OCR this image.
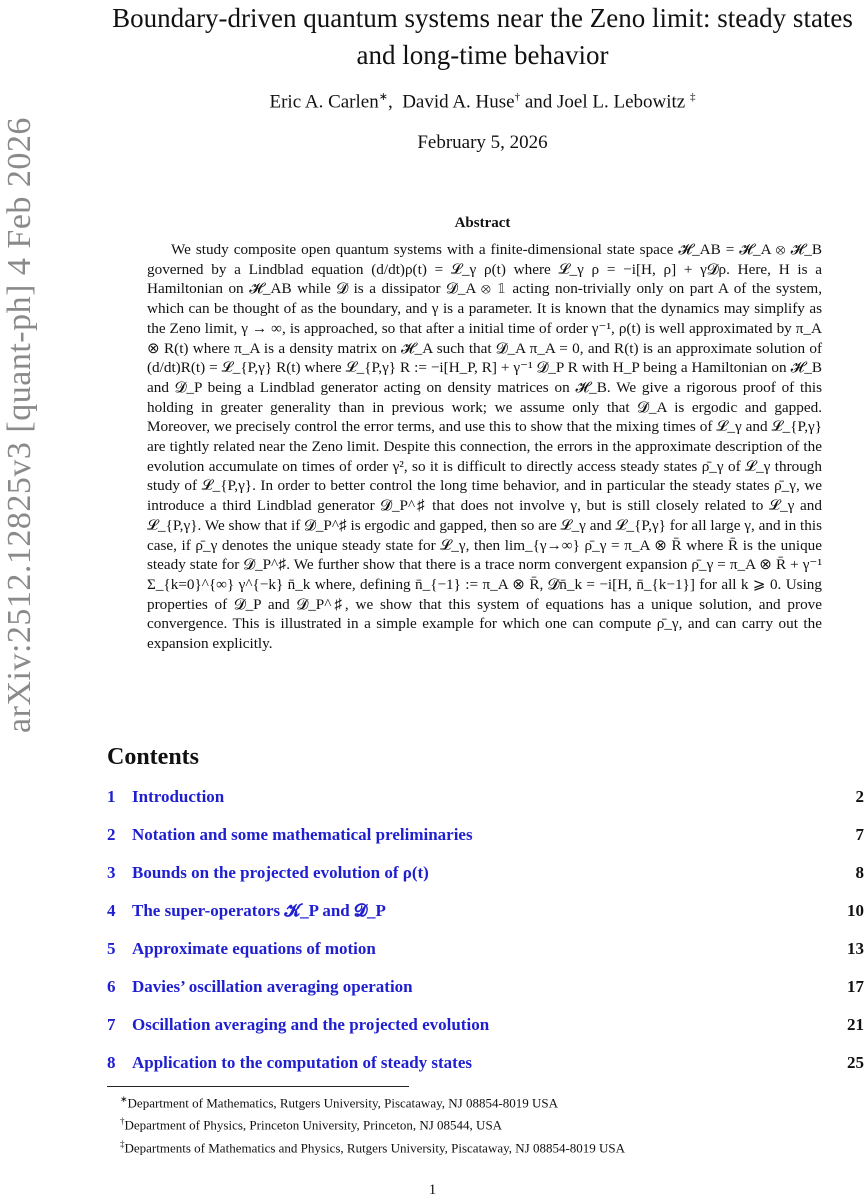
arXiv:2512.12825v3 [quant-ph] 4 Feb 2026
Boundary-driven quantum systems near the Zeno limit: steady states and long-time behavior
Eric A. Carlen∗,  David A. Huse† and Joel L. Lebowitz ‡
February 5, 2026
Abstract

We study composite open quantum systems with a finite-dimensional state space 𝓗_AB = 𝓗_A ⊗ 𝓗_B governed by a Lindblad equation (d/dt)ρ(t) = 𝓛_γ ρ(t) where 𝓛_γ ρ = −i[H, ρ] + γ𝓓ρ. Here, H is a Hamiltonian on 𝓗_AB while 𝓓 is a dissipator 𝓓_A ⊗ 𝟙 acting non-trivially only on part A of the system, which can be thought of as the boundary, and γ is a parameter. It is known that the dynamics may simplify as the Zeno limit, γ → ∞, is approached, so that after a initial time of order γ⁻¹, ρ(t) is well approximated by π_A ⊗ R(t) where π_A is a density matrix on 𝓗_A such that 𝓓_A π_A = 0, and R(t) is an approximate solution of (d/dt)R(t) = 𝓛_{P,γ} R(t) where 𝓛_{P,γ} R := −i[H_P, R] + γ⁻¹ 𝓓_P R with H_P being a Hamiltonian on 𝓗_B and 𝓓_P being a Lindblad generator acting on density matrices on 𝓗_B. We give a rigorous proof of this holding in greater generality than in previous work; we assume only that 𝓓_A is ergodic and gapped. Moreover, we precisely control the error terms, and use this to show that the mixing times of 𝓛_γ and 𝓛_{P,γ} are tightly related near the Zeno limit. Despite this connection, the errors in the approximate description of the evolution accumulate on times of order γ², so it is difficult to directly access steady states ρ̄_γ of 𝓛_γ through study of 𝓛_{P,γ}. In order to better control the long time behavior, and in particular the steady states ρ̄_γ, we introduce a third Lindblad generator 𝓓_P^♯ that does not involve γ, but is still closely related to 𝓛_γ and 𝓛_{P,γ}. We show that if 𝓓_P^♯ is ergodic and gapped, then so are 𝓛_γ and 𝓛_{P,γ} for all large γ, and in this case, if ρ̄_γ denotes the unique steady state for 𝓛_γ, then lim_{γ→∞} ρ̄_γ = π_A ⊗ R̄ where R̄ is the unique steady state for 𝓓_P^♯. We further show that there is a trace norm convergent expansion ρ̄_γ = π_A ⊗ R̄ + γ⁻¹ Σ_{k=0}^{∞} γ^{−k} n̄_k where, defining n̄_{−1} := π_A ⊗ R̄, 𝓓n̄_k = −i[H, n̄_{k−1}] for all k ⩾ 0. Using properties of 𝓓_P and 𝓓_P^♯, we show that this system of equations has a unique solution, and prove convergence. This is illustrated in a simple example for which one can compute ρ̄_γ, and can carry out the expansion explicitly.

Contents
1 Introduction	2
2 Notation and some mathematical preliminaries	7
3 Bounds on the projected evolution of ρ(t)	8
4 The super-operators 𝓚_P and 𝓓_P	10
5 Approximate equations of motion	13
6 Davies’ oscillation averaging operation	17
7 Oscillation averaging and the projected evolution	21
8 Application to the computation of steady states	25
∗Department of Mathematics, Rutgers University, Piscataway, NJ 08854-8019 USA
†Department of Physics, Princeton University, Princeton, NJ 08544, USA
‡Departments of Mathematics and Physics, Rutgers University, Piscataway, NJ 08854-8019 USA
1
